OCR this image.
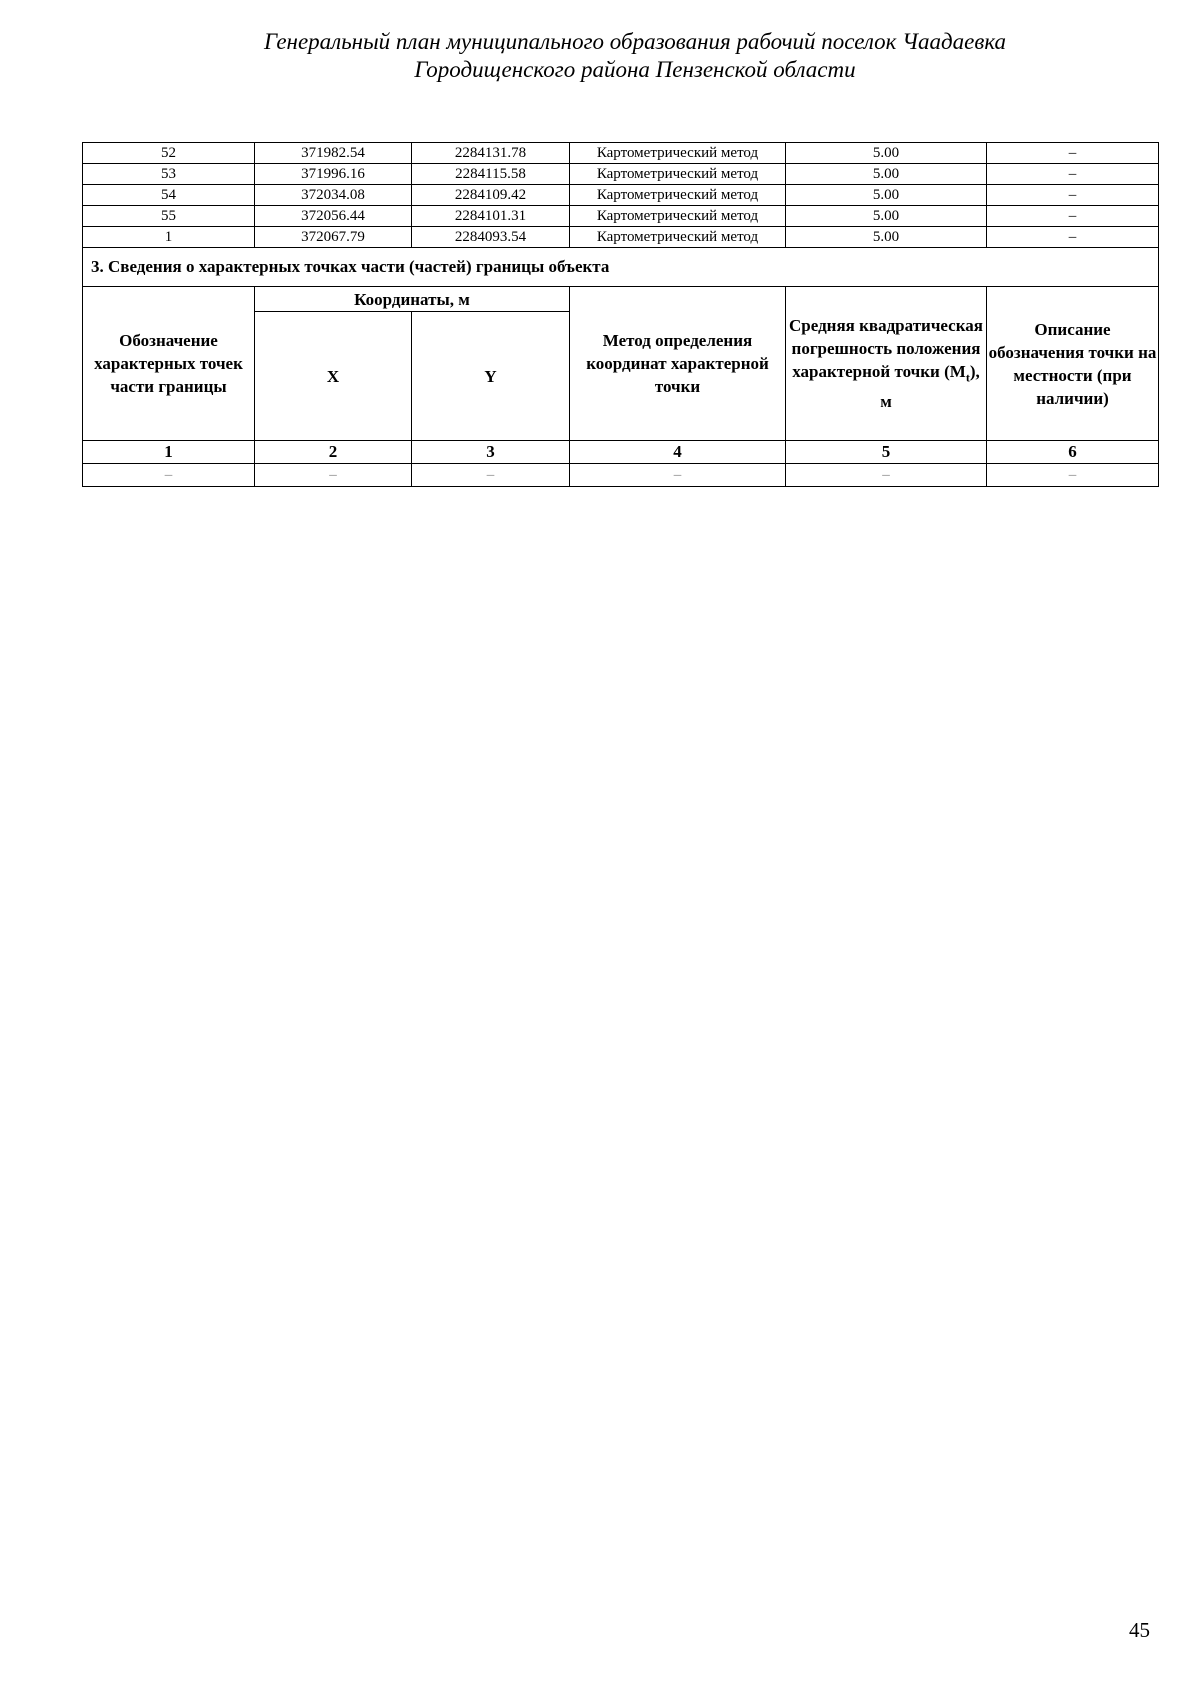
Генеральный план муниципального образования рабочий поселок Чаадаевка
Городищенского района Пензенской области
52	371982.54	2284131.78	Картометрический метод	5.00	–
53	371996.16	2284115.58	Картометрический метод	5.00	–
54	372034.08	2284109.42	Картометрический метод	5.00	–
55	372056.44	2284101.31	Картометрический метод	5.00	–
1	372067.79	2284093.54	Картометрический метод	5.00	–
3. Сведения о характерных точках части (частей) границы объекта					
Обозначение характерных точек части границы	Координаты, м		Метод определения координат характерной точки	Средняя квадратическая погрешность положения характерной точки $(M_t)$, м	Описание обозначения точки на местности (при наличии)
	X	Y			
1	2	3	4	5	6
–	–	–	–	–	–
45
